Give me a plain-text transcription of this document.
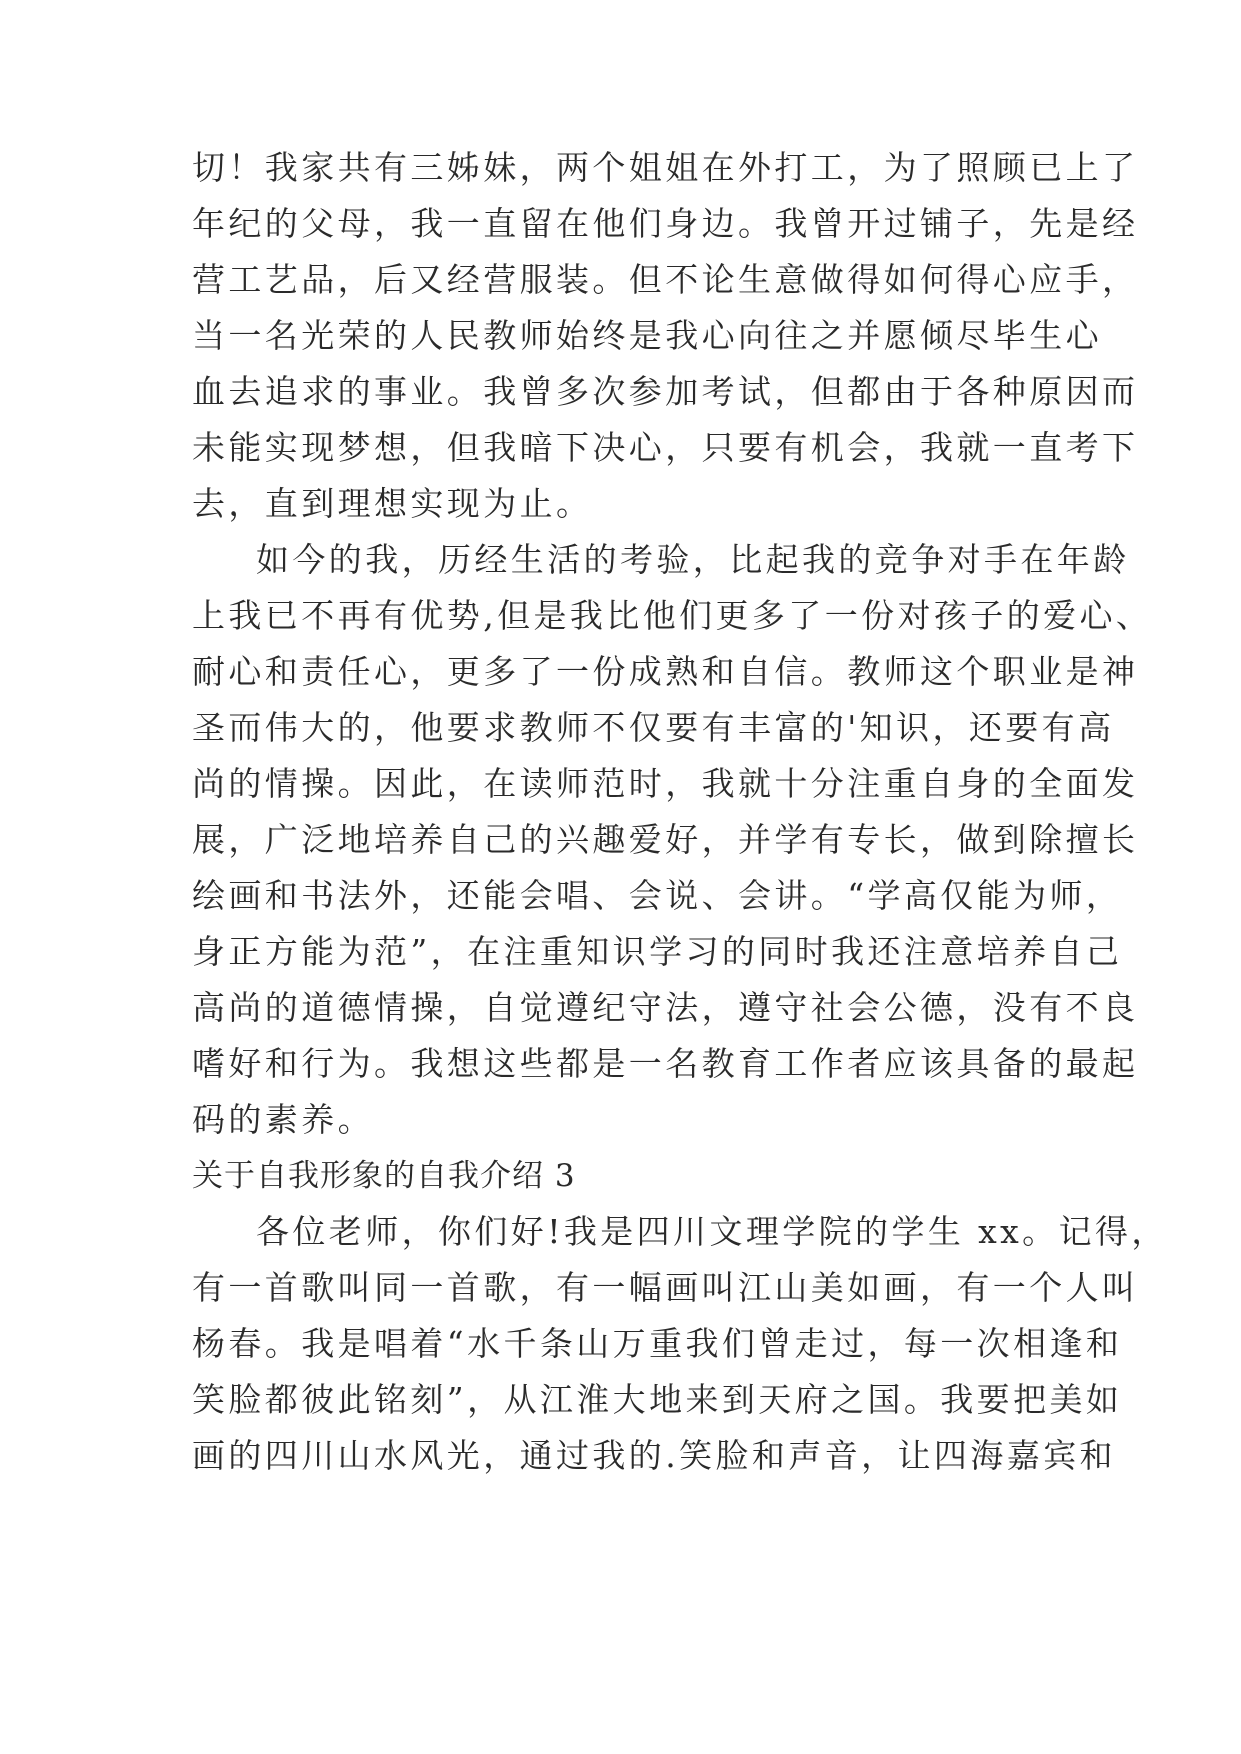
切！我家共有三姊妹，两个姐姐在外打工，为了照顾已上了
年纪的父母，我一直留在他们身边。我曾开过铺子，先是经
营工艺品，后又经营服装。但不论生意做得如何得心应手，
当一名光荣的人民教师始终是我心向往之并愿倾尽毕生心
血去追求的事业。我曾多次参加考试，但都由于各种原因而
未能实现梦想，但我暗下决心，只要有机会，我就一直考下
去，直到理想实现为止。
如今的我，历经生活的考验，比起我的竞争对手在年龄
上我已不再有优势,但是我比他们更多了一份对孩子的爱心、
耐心和责任心，更多了一份成熟和自信。教师这个职业是神
圣而伟大的，他要求教师不仅要有丰富的'知识，还要有高
尚的情操。因此，在读师范时，我就十分注重自身的全面发
展，广泛地培养自己的兴趣爱好，并学有专长，做到除擅长
绘画和书法外，还能会唱、会说、会讲。“学高仅能为师，
身正方能为范”，在注重知识学习的同时我还注意培养自己
高尚的道德情操，自觉遵纪守法，遵守社会公德，没有不良
嗜好和行为。我想这些都是一名教育工作者应该具备的最起
码的素养。
关于自我形象的自我介绍 3
各位老师，你们好!我是四川文理学院的学生 xx。记得，
有一首歌叫同一首歌，有一幅画叫江山美如画，有一个人叫
杨春。我是唱着“水千条山万重我们曾走过，每一次相逢和
笑脸都彼此铭刻”，从江淮大地来到天府之国。我要把美如
画的四川山水风光，通过我的.笑脸和声音，让四海嘉宾和
